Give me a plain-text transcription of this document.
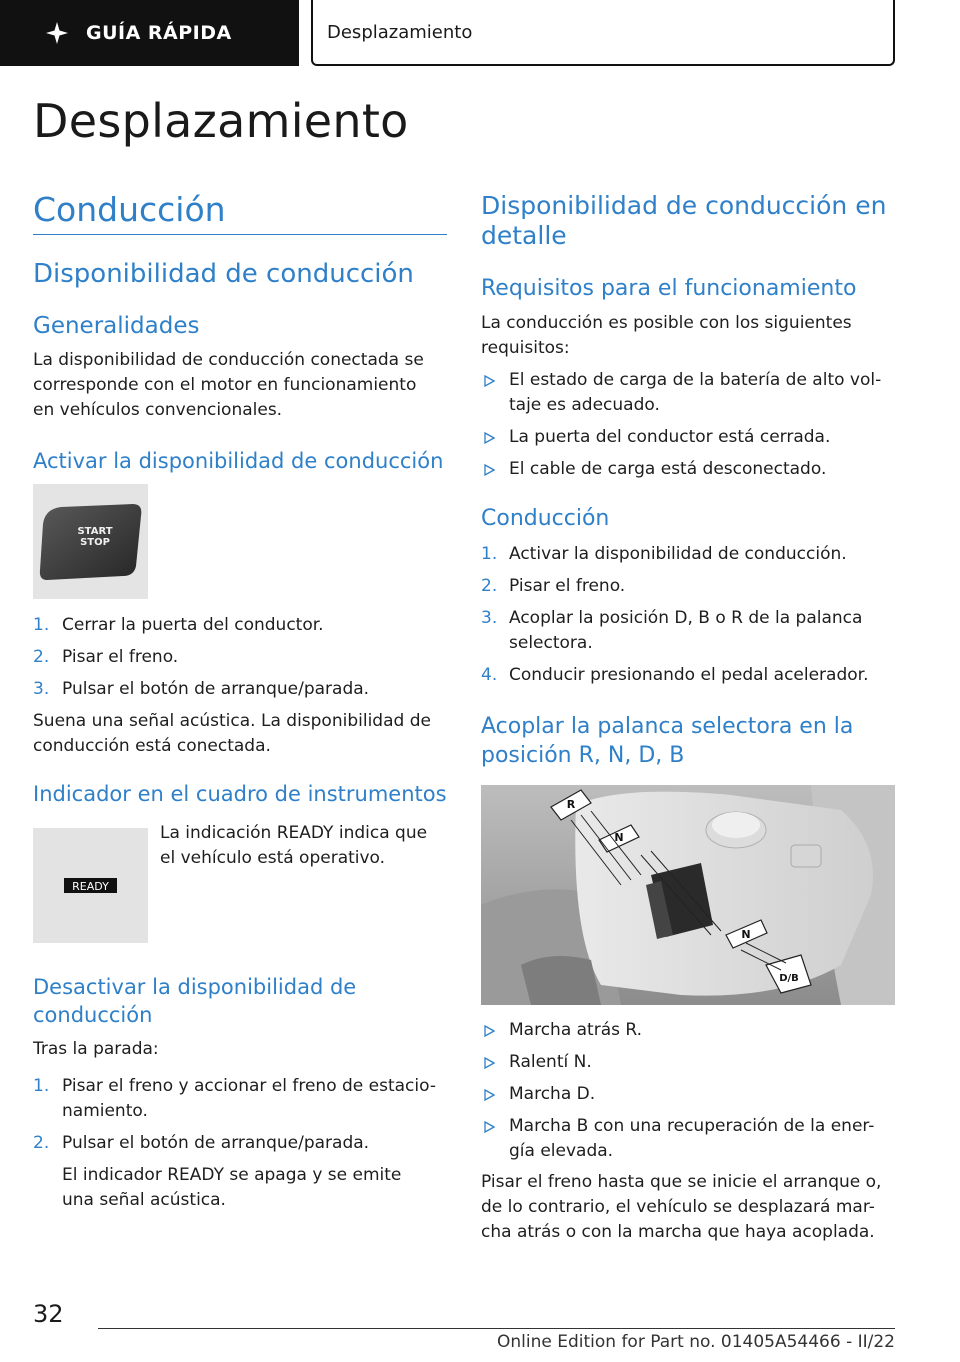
GUÍA RÁPIDA	Desplazamiento
Desplazamiento
Conducción
Disponibilidad de conducción
Generalidades
La disponibilidad de conducción conectada se
corresponde con el motor en funcionamiento
en vehículos convencionales.
Activar la disponibilidad de conducción
START
STOP
1. Cerrar la puerta del conductor.
2. Pisar el freno.
3. Pulsar el botón de arranque/parada.
Suena una señal acústica. La disponibilidad de
conducción está conectada.
Indicador en el cuadro de instrumentos
READY
La indicación READY indica que
el vehículo está operativo.
Desactivar la disponibilidad de
conducción
Tras la parada:
1. Pisar el freno y accionar el freno de estacio-
namiento.
2. Pulsar el botón de arranque/parada.
El indicador READY se apaga y se emite
una señal acústica.
Disponibilidad de conducción en
detalle
Requisitos para el funcionamiento
La conducción es posible con los siguientes
requisitos:
El estado de carga de la batería de alto vol-
taje es adecuado.
La puerta del conductor está cerrada.
El cable de carga está desconectado.
Conducción
1. Activar la disponibilidad de conducción.
2. Pisar el freno.
3. Acoplar la posición D, B o R de la palanca
selectora.
4. Conducir presionando el pedal acelerador.
Acoplar la palanca selectora en la
posición R, N, D, B
R
N
N
D/B
Marcha atrás R.
Ralentí N.
Marcha D.
Marcha B con una recuperación de la ener-
gía elevada.
Pisar el freno hasta que se inicie el arranque o,
de lo contrario, el vehículo se desplazará mar-
cha atrás o con la marcha que haya acoplada.
32
Online Edition for Part no. 01405A54466 - II/22
